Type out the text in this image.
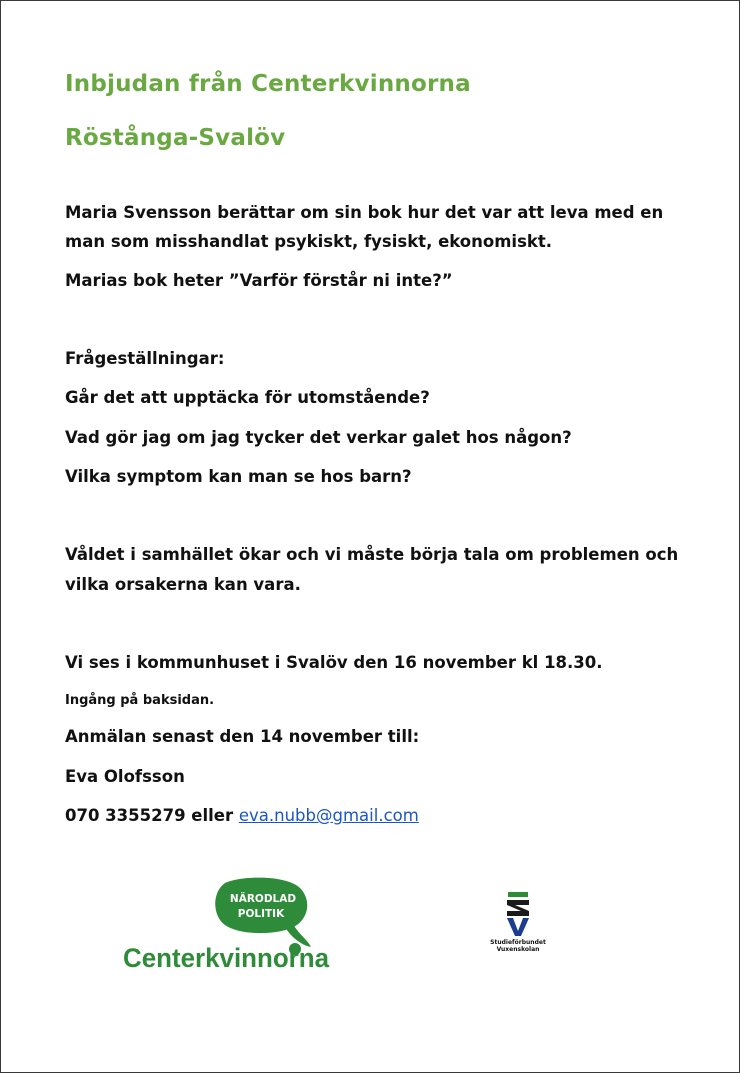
Inbjudan från Centerkvinnorna
Röstånga-Svalöv

Maria Svensson berättar om sin bok hur det var att leva med en

man som misshandlat psykiskt, fysiskt, ekonomiskt.

Marias bok heter ”Varför förstår ni inte?”

Frågeställningar:

Går det att upptäcka för utomstående?

Vad gör jag om jag tycker det verkar galet hos någon?

Vilka symptom kan man se hos barn?

Våldet i samhället ökar och vi måste börja tala om problemen och

vilka orsakerna kan vara.

Vi ses i kommunhuset i Svalöv den 16 november kl 18.30.

Ingång på baksidan.

Anmälan senast den 14 november till:

Eva Olofsson

070 3355279 eller eva.nubb@gmail.com

NÄRODLAD
POLITIK
Centerkvinnorna
Studieförbundet
Vuxenskolan
